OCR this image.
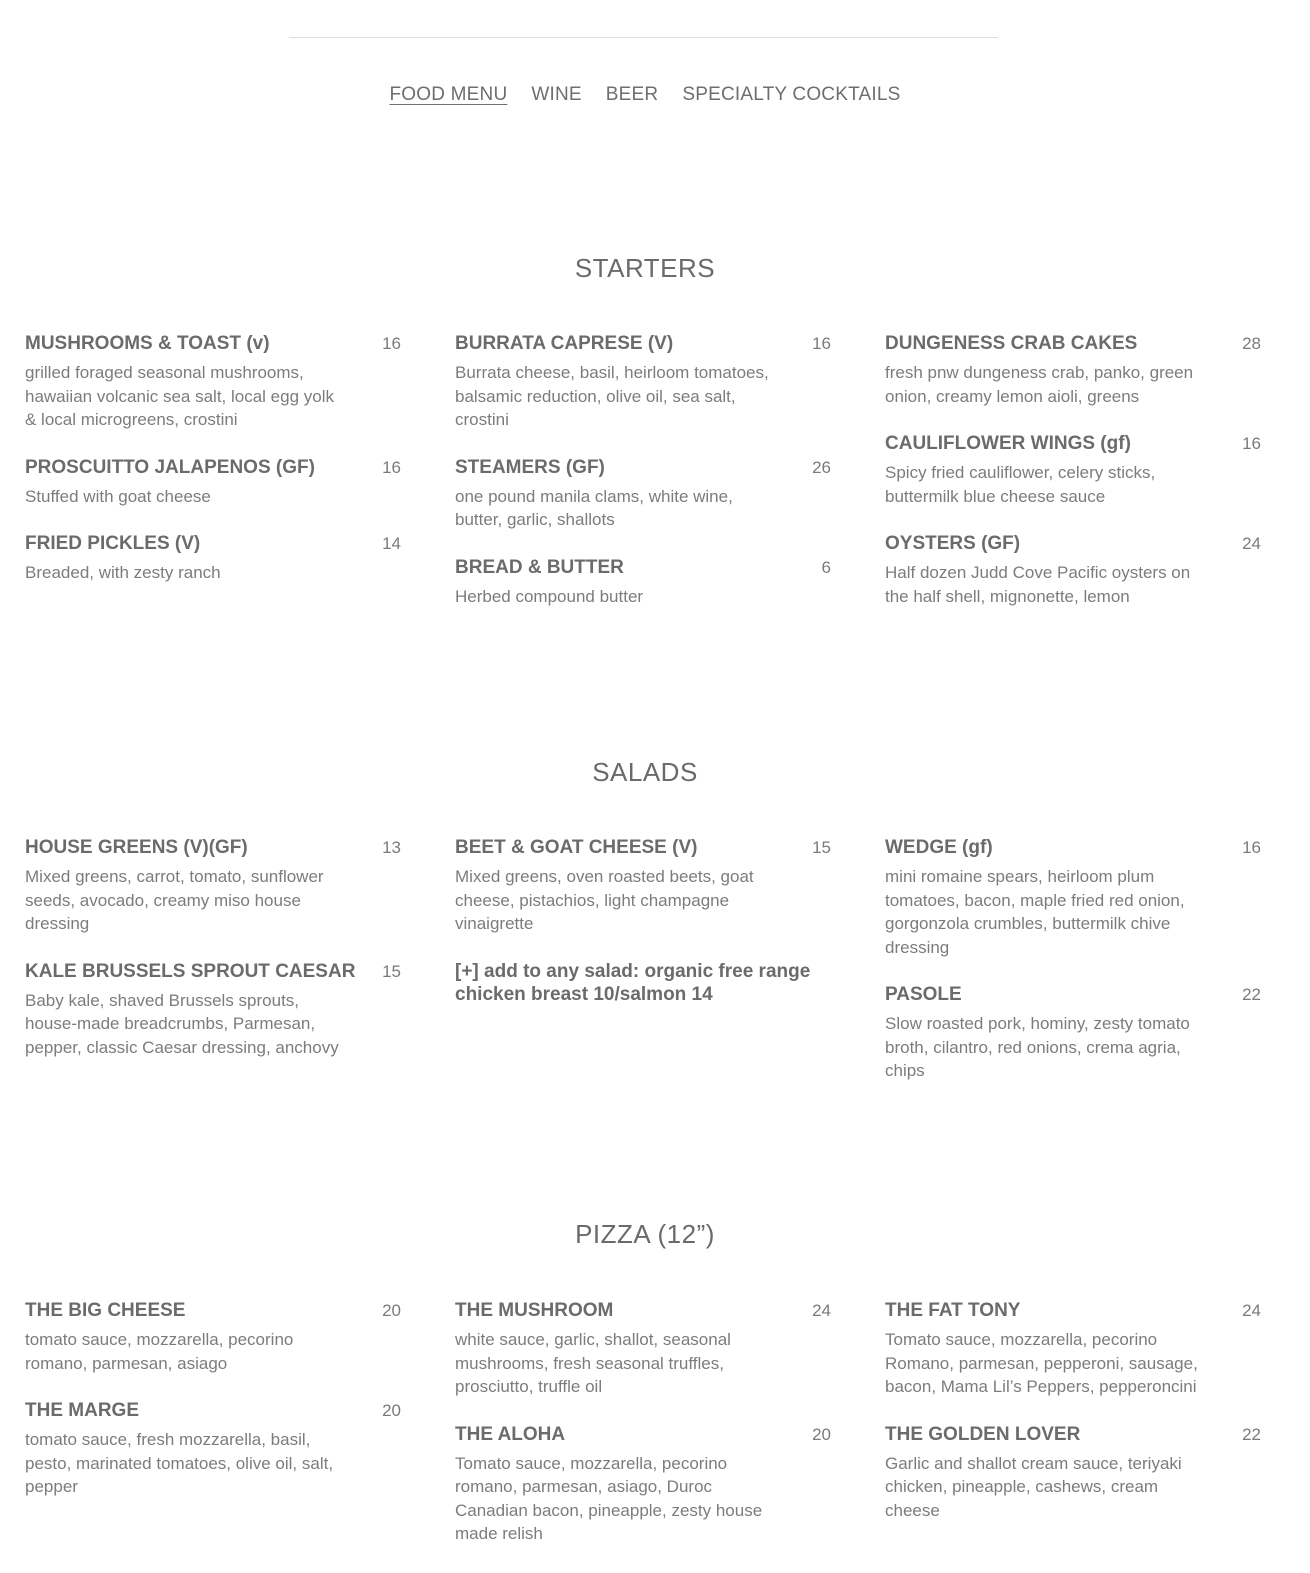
FOOD MENU WINE BEER SPECIALTY COCKTAILS
STARTERS
MUSHROOMS & TOAST (v)	16
grilled foraged seasonal mushrooms, hawaiian volcanic sea salt, local egg yolk & local microgreens, crostini
PROSCUITTO JALAPENOS (GF)	16
Stuffed with goat cheese
FRIED PICKLES (V)	14
Breaded, with zesty ranch
BURRATA CAPRESE (V)	16
Burrata cheese, basil, heirloom tomatoes, balsamic reduction, olive oil, sea salt, crostini
STEAMERS (GF)	26
one pound manila clams, white wine, butter, garlic, shallots
BREAD & BUTTER	6
Herbed compound butter
DUNGENESS CRAB CAKES	28
fresh pnw dungeness crab, panko, green onion, creamy lemon aioli, greens
CAULIFLOWER WINGS (gf)	16
Spicy fried cauliflower, celery sticks, buttermilk blue cheese sauce
OYSTERS (GF)	24
Half dozen Judd Cove Pacific oysters on the half shell, mignonette, lemon
SALADS
HOUSE GREENS (V)(GF)	13
Mixed greens, carrot, tomato, sunflower seeds, avocado, creamy miso house dressing
KALE BRUSSELS SPROUT CAESAR 15
Baby kale, shaved Brussels sprouts, house-made breadcrumbs, Parmesan, pepper, classic Caesar dressing, anchovy
BEET & GOAT CHEESE (V)	15
Mixed greens, oven roasted beets, goat cheese, pistachios, light champagne vinaigrette
[+] add to any salad: organic free range chicken breast 10/salmon 14
WEDGE (gf)	16
mini romaine spears, heirloom plum tomatoes, bacon, maple fried red onion, gorgonzola crumbles, buttermilk chive dressing
PASOLE	22
Slow roasted pork, hominy, zesty tomato broth, cilantro, red onions, crema agria, chips
PIZZA (12”)
THE BIG CHEESE	20
tomato sauce, mozzarella, pecorino romano, parmesan, asiago
THE MARGE	20
tomato sauce, fresh mozzarella, basil, pesto, marinated tomatoes, olive oil, salt, pepper
THE MUSHROOM	24
white sauce, garlic, shallot, seasonal mushrooms, fresh seasonal truffles, prosciutto, truffle oil
THE ALOHA	20
Tomato sauce, mozzarella, pecorino romano, parmesan, asiago, Duroc Canadian bacon, pineapple, zesty house made relish
THE FAT TONY	24
Tomato sauce, mozzarella, pecorino Romano, parmesan, pepperoni, sausage, bacon, Mama Lil’s Peppers, pepperoncini
THE GOLDEN LOVER	22
Garlic and shallot cream sauce, teriyaki chicken, pineapple, cashews, cream cheese
